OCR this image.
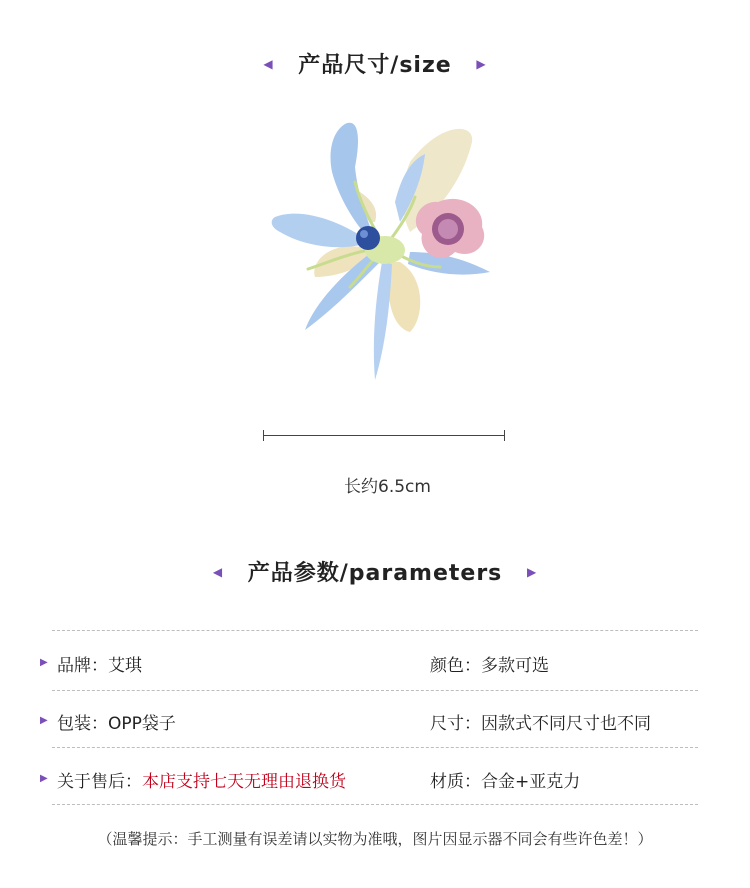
◀ 产品尺寸/size ▶
长约6.5cm
◀ 产品参数/parameters ▶
▶ 品牌：艾琪	颜色：多款可选
▶ 包装：OPP袋子	尺寸：因款式不同尺寸也不同
▶ 关于售后：本店支持七天无理由退换货	材质：合金+亚克力
（温馨提示：手工测量有误差请以实物为准哦，图片因显示器不同会有些许色差！）
